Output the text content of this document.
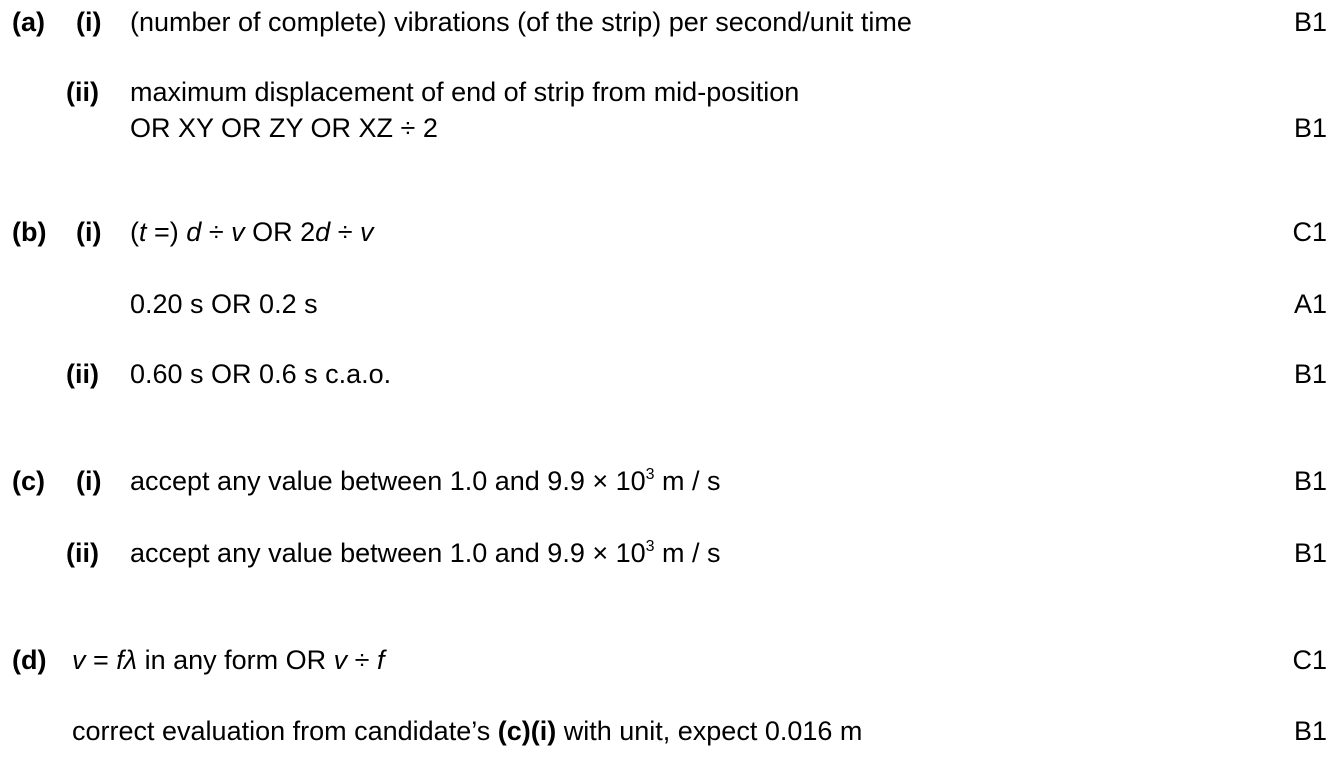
(a) (i) (number of complete) vibrations (of the strip) per second/unit time	B1
(ii) maximum displacement of end of strip from mid-position
OR XY OR ZY OR XZ ÷ 2	B1
(b) (i) (t =) d ÷ v OR 2d ÷ v	C1
0.20 s OR 0.2 s	A1
(ii) 0.60 s OR 0.6 s c.a.o.	B1
(c) (i) accept any value between 1.0 and $9.9 \times 10^3$ m / s	B1
(ii) accept any value between 1.0 and $9.9 \times 10^3$ m / s	B1
(d) v = fλ in any form OR v ÷ f	C1
correct evaluation from candidate’s (c)(i) with unit, expect 0.016 m	B1
